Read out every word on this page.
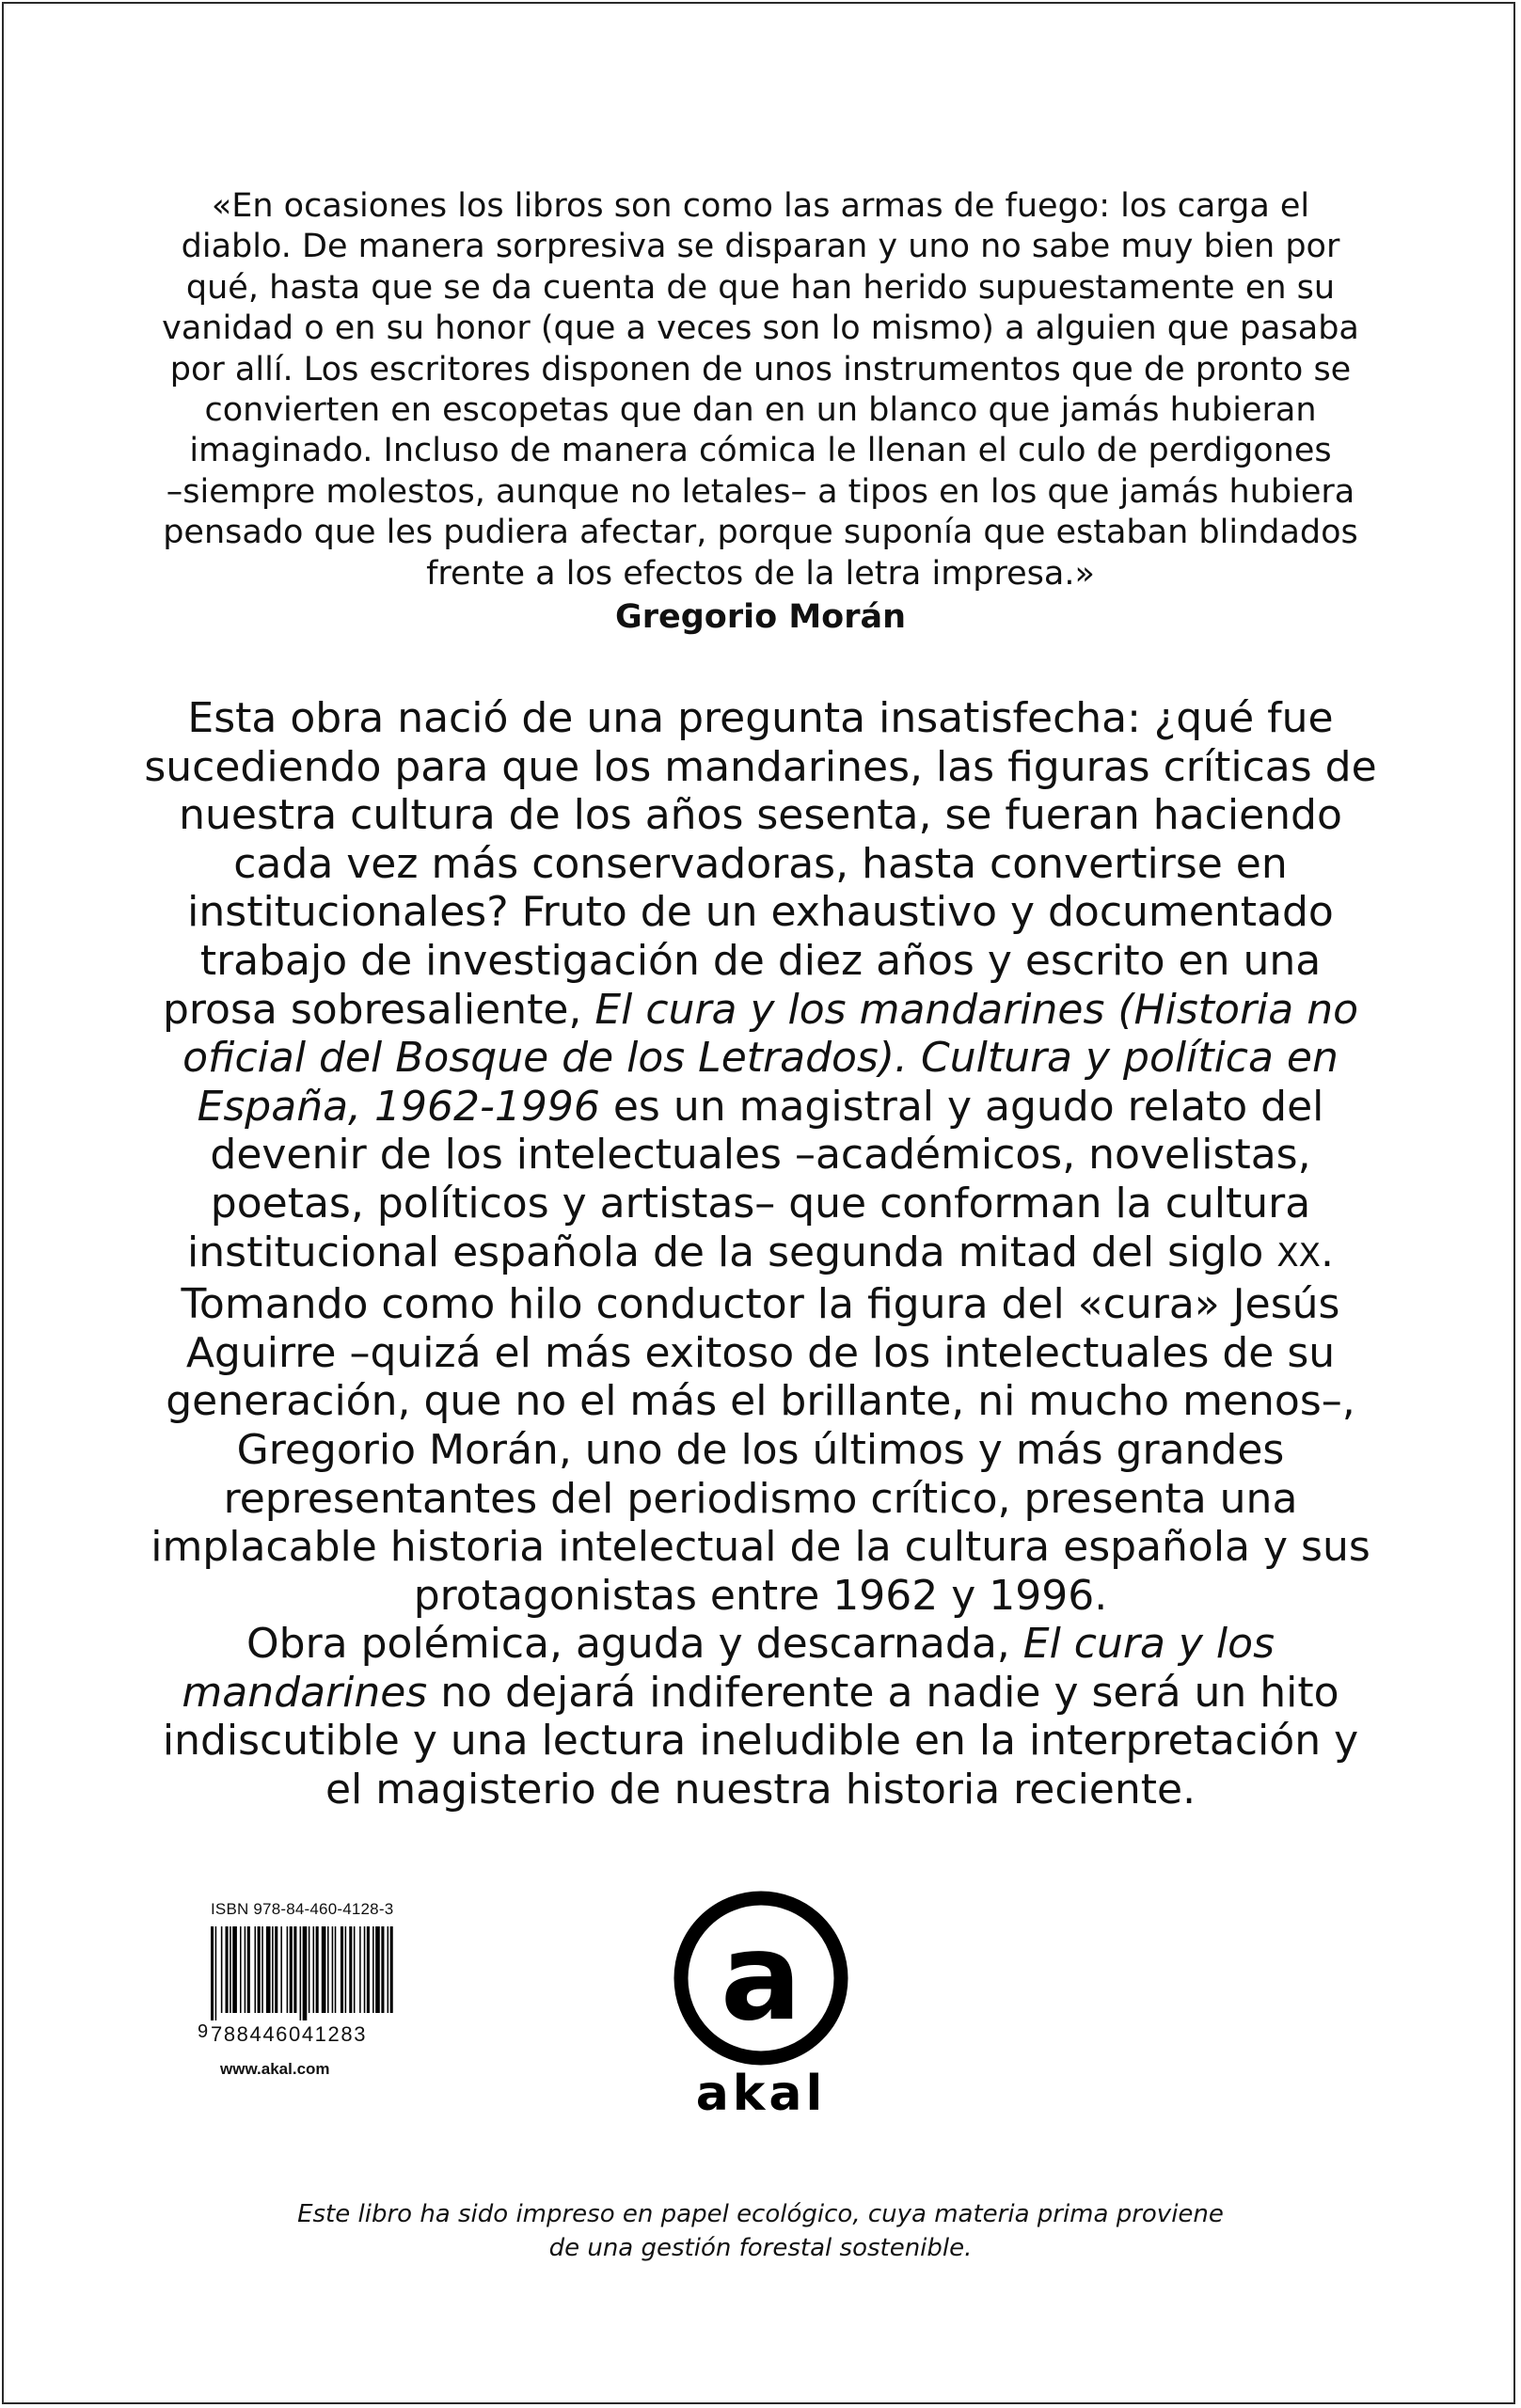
«En ocasiones los libros son como las armas de fuego: los carga el

diablo. De manera sorpresiva se disparan y uno no sabe muy bien por

qué, hasta que se da cuenta de que han herido supuestamente en su

vanidad o en su honor (que a veces son lo mismo) a alguien que pasaba

por allí. Los escritores disponen de unos instrumentos que de pronto se

convierten en escopetas que dan en un blanco que jamás hubieran

imaginado. Incluso de manera cómica le llenan el culo de perdigones

–siempre molestos, aunque no letales– a tipos en los que jamás hubiera

pensado que les pudiera afectar, porque suponía que estaban blindados

frente a los efectos de la letra impresa.»

Gregorio Morán

Esta obra nació de una pregunta insatisfecha: ¿qué fue sucediendo para que los mandarines, las figuras críticas de nuestra cultura de los años sesenta, se fueran haciendo cada vez más conservadoras, hasta convertirse en institucionales? Fruto de un exhaustivo y documentado trabajo de investigación de diez años y escrito en una prosa sobresaliente, El cura y los mandarines (Historia no oficial del Bosque de los Letrados). Cultura y política en España, 1962-1996 es un magistral y agudo relato del devenir de los intelectuales –académicos, novelistas, poetas, políticos y artistas– que conforman la cultura institucional española de la segunda mitad del siglo XX.

Tomando como hilo conductor la figura del «cura» Jesús Aguirre –quizá el más exitoso de los intelectuales de su generación, que no el más el brillante, ni mucho menos–, Gregorio Morán, uno de los últimos y más grandes representantes del periodismo crítico, presenta una implacable historia intelectual de la cultura española y sus protagonistas entre 1962 y 1996.

Obra polémica, aguda y descarnada, El cura y los mandarines no dejará indiferente a nadie y será un hito indiscutible y una lectura ineludible en la interpretación y el magisterio de nuestra historia reciente.

ISBN 978-84-460-4128-3
9 788446041283
www.akal.com
a
akal

Este libro ha sido impreso en papel ecológico, cuya materia prima proviene

de una gestión forestal sostenible.
